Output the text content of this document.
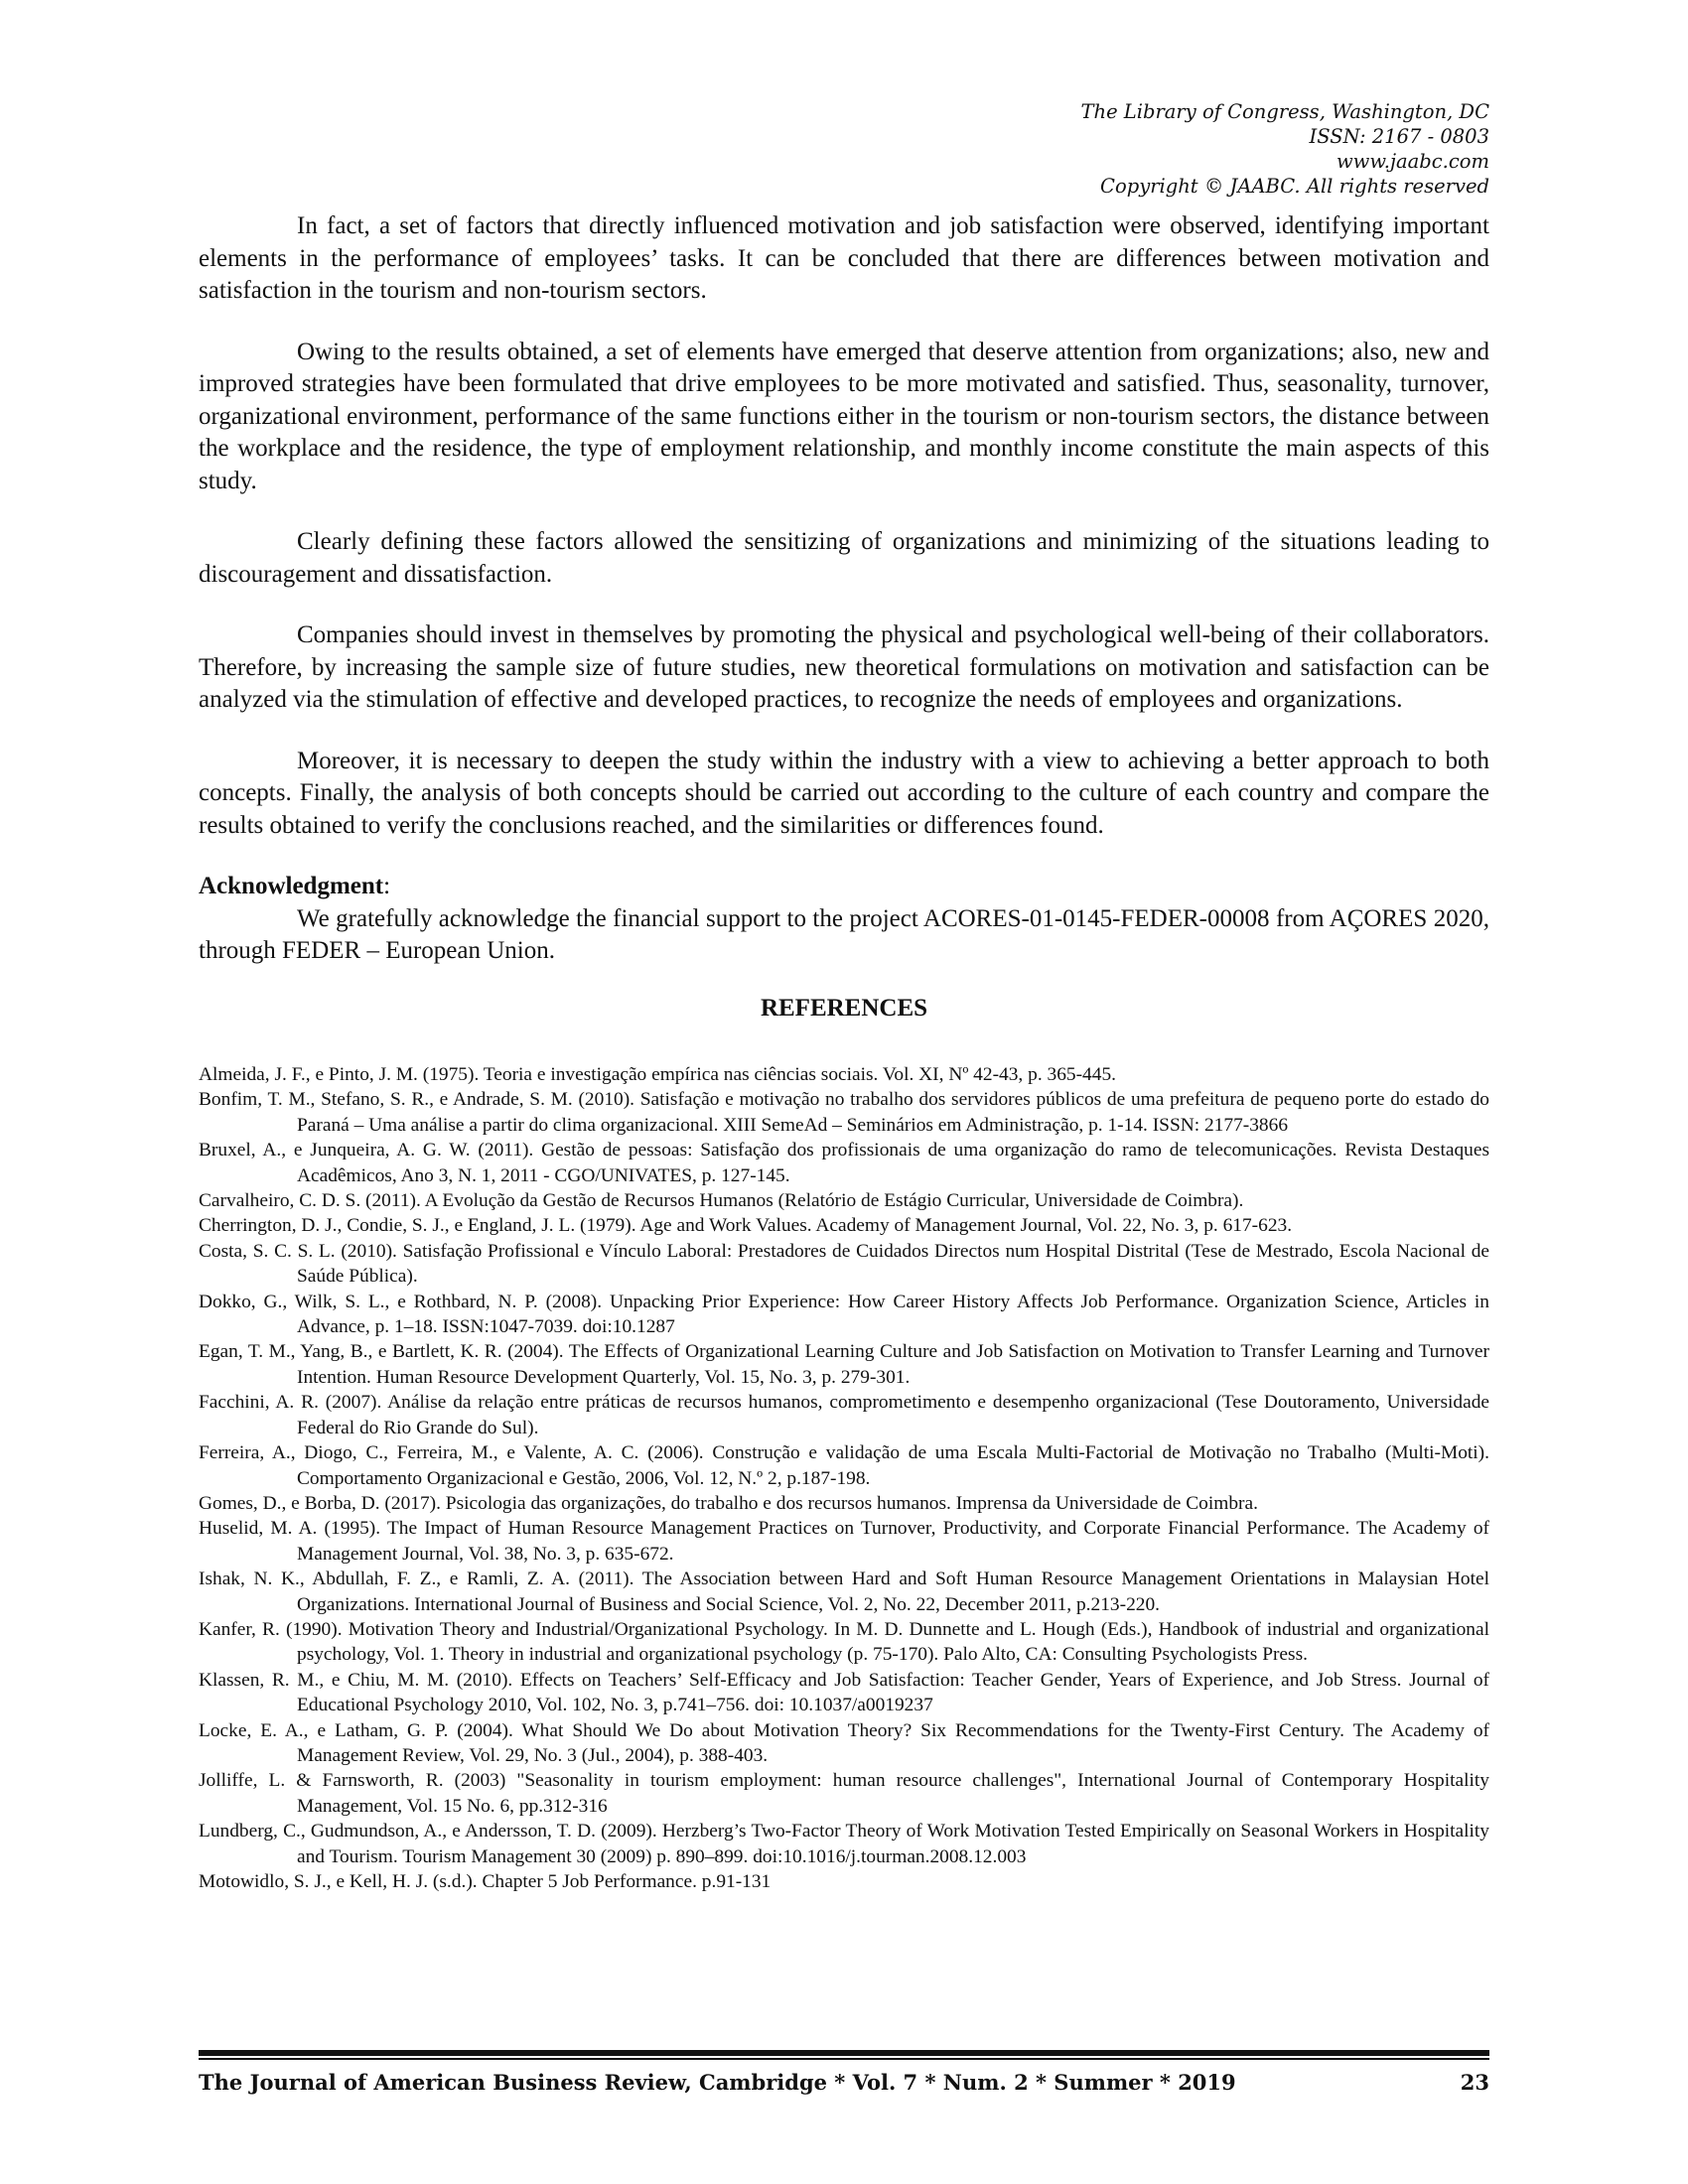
The Library of Congress, Washington, DC
ISSN: 2167 - 0803
www.jaabc.com
Copyright © JAABC. All rights reserved

In fact, a set of factors that directly influenced motivation and job satisfaction were observed, identifying important elements in the performance of employees’ tasks. It can be concluded that there are differences between motivation and satisfaction in the tourism and non-tourism sectors.

Owing to the results obtained, a set of elements have emerged that deserve attention from organizations; also, new and improved strategies have been formulated that drive employees to be more motivated and satisfied. Thus, seasonality, turnover, organizational environment, performance of the same functions either in the tourism or non-tourism sectors, the distance between the workplace and the residence, the type of employment relationship, and monthly income constitute the main aspects of this study.

Clearly defining these factors allowed the sensitizing of organizations and minimizing of the situations leading to discouragement and dissatisfaction.

Companies should invest in themselves by promoting the physical and psychological well-being of their collaborators. Therefore, by increasing the sample size of future studies, new theoretical formulations on motivation and satisfaction can be analyzed via the stimulation of effective and developed practices, to recognize the needs of employees and organizations.

Moreover, it is necessary to deepen the study within the industry with a view to achieving a better approach to both concepts. Finally, the analysis of both concepts should be carried out according to the culture of each country and compare the results obtained to verify the conclusions reached, and the similarities or differences found.

Acknowledgment:

We gratefully acknowledge the financial support to the project ACORES-01-0145-FEDER-00008 from AÇORES 2020, through FEDER – European Union.

REFERENCES
Almeida, J. F., e Pinto, J. M. (1975). Teoria e investigação empírica nas ciências sociais. Vol. XI, Nº 42-43, p. 365-445.
Bonfim, T. M., Stefano, S. R., e Andrade, S. M. (2010). Satisfação e motivação no trabalho dos servidores públicos de uma prefeitura de pequeno porte do estado do Paraná – Uma análise a partir do clima organizacional. XIII SemeAd – Seminários em Administração, p. 1-14. ISSN: 2177-3866
Bruxel, A., e Junqueira, A. G. W. (2011). Gestão de pessoas: Satisfação dos profissionais de uma organização do ramo de telecomunicações. Revista Destaques Acadêmicos, Ano 3, N. 1, 2011 - CGO/UNIVATES, p. 127-145.
Carvalheiro, C. D. S. (2011). A Evolução da Gestão de Recursos Humanos (Relatório de Estágio Curricular, Universidade de Coimbra).
Cherrington, D. J., Condie, S. J., e England, J. L. (1979). Age and Work Values. Academy of Management Journal, Vol. 22, No. 3, p. 617-623.
Costa, S. C. S. L. (2010). Satisfação Profissional e Vínculo Laboral: Prestadores de Cuidados Directos num Hospital Distrital (Tese de Mestrado, Escola Nacional de Saúde Pública).
Dokko, G., Wilk, S. L., e Rothbard, N. P. (2008). Unpacking Prior Experience: How Career History Affects Job Performance. Organization Science, Articles in Advance, p. 1–18. ISSN:1047-7039. doi:10.1287
Egan, T. M., Yang, B., e Bartlett, K. R. (2004). The Effects of Organizational Learning Culture and Job Satisfaction on Motivation to Transfer Learning and Turnover Intention. Human Resource Development Quarterly, Vol. 15, No. 3, p. 279-301.
Facchini, A. R. (2007). Análise da relação entre práticas de recursos humanos, comprometimento e desempenho organizacional (Tese Doutoramento, Universidade Federal do Rio Grande do Sul).
Ferreira, A., Diogo, C., Ferreira, M., e Valente, A. C. (2006). Construção e validação de uma Escala Multi-Factorial de Motivação no Trabalho (Multi-Moti). Comportamento Organizacional e Gestão, 2006, Vol. 12, N.º 2, p.187-198.
Gomes, D., e Borba, D. (2017). Psicologia das organizações, do trabalho e dos recursos humanos. Imprensa da Universidade de Coimbra.
Huselid, M. A. (1995). The Impact of Human Resource Management Practices on Turnover, Productivity, and Corporate Financial Performance. The Academy of Management Journal, Vol. 38, No. 3, p. 635-672.
Ishak, N. K., Abdullah, F. Z., e Ramli, Z. A. (2011). The Association between Hard and Soft Human Resource Management Orientations in Malaysian Hotel Organizations. International Journal of Business and Social Science, Vol. 2, No. 22, December 2011, p.213-220.
Kanfer, R. (1990). Motivation Theory and Industrial/Organizational Psychology. In M. D. Dunnette and L. Hough (Eds.), Handbook of industrial and organizational psychology, Vol. 1. Theory in industrial and organizational psychology (p. 75-170). Palo Alto, CA: Consulting Psychologists Press.
Klassen, R. M., e Chiu, M. M. (2010). Effects on Teachers’ Self-Efficacy and Job Satisfaction: Teacher Gender, Years of Experience, and Job Stress. Journal of Educational Psychology 2010, Vol. 102, No. 3, p.741–756. doi: 10.1037/a0019237
Locke, E. A., e Latham, G. P. (2004). What Should We Do about Motivation Theory? Six Recommendations for the Twenty-First Century. The Academy of Management Review, Vol. 29, No. 3 (Jul., 2004), p. 388-403.
Jolliffe, L. & Farnsworth, R. (2003) "Seasonality in tourism employment: human resource challenges", International Journal of Contemporary Hospitality Management, Vol. 15 No. 6, pp.312-316
Lundberg, C., Gudmundson, A., e Andersson, T. D. (2009). Herzberg’s Two-Factor Theory of Work Motivation Tested Empirically on Seasonal Workers in Hospitality and Tourism. Tourism Management 30 (2009) p. 890–899. doi:10.1016/j.tourman.2008.12.003
Motowidlo, S. J., e Kell, H. J. (s.d.). Chapter 5 Job Performance. p.91-131
The Journal of American Business Review, Cambridge * Vol. 7 * Num. 2 * Summer * 2019	23
